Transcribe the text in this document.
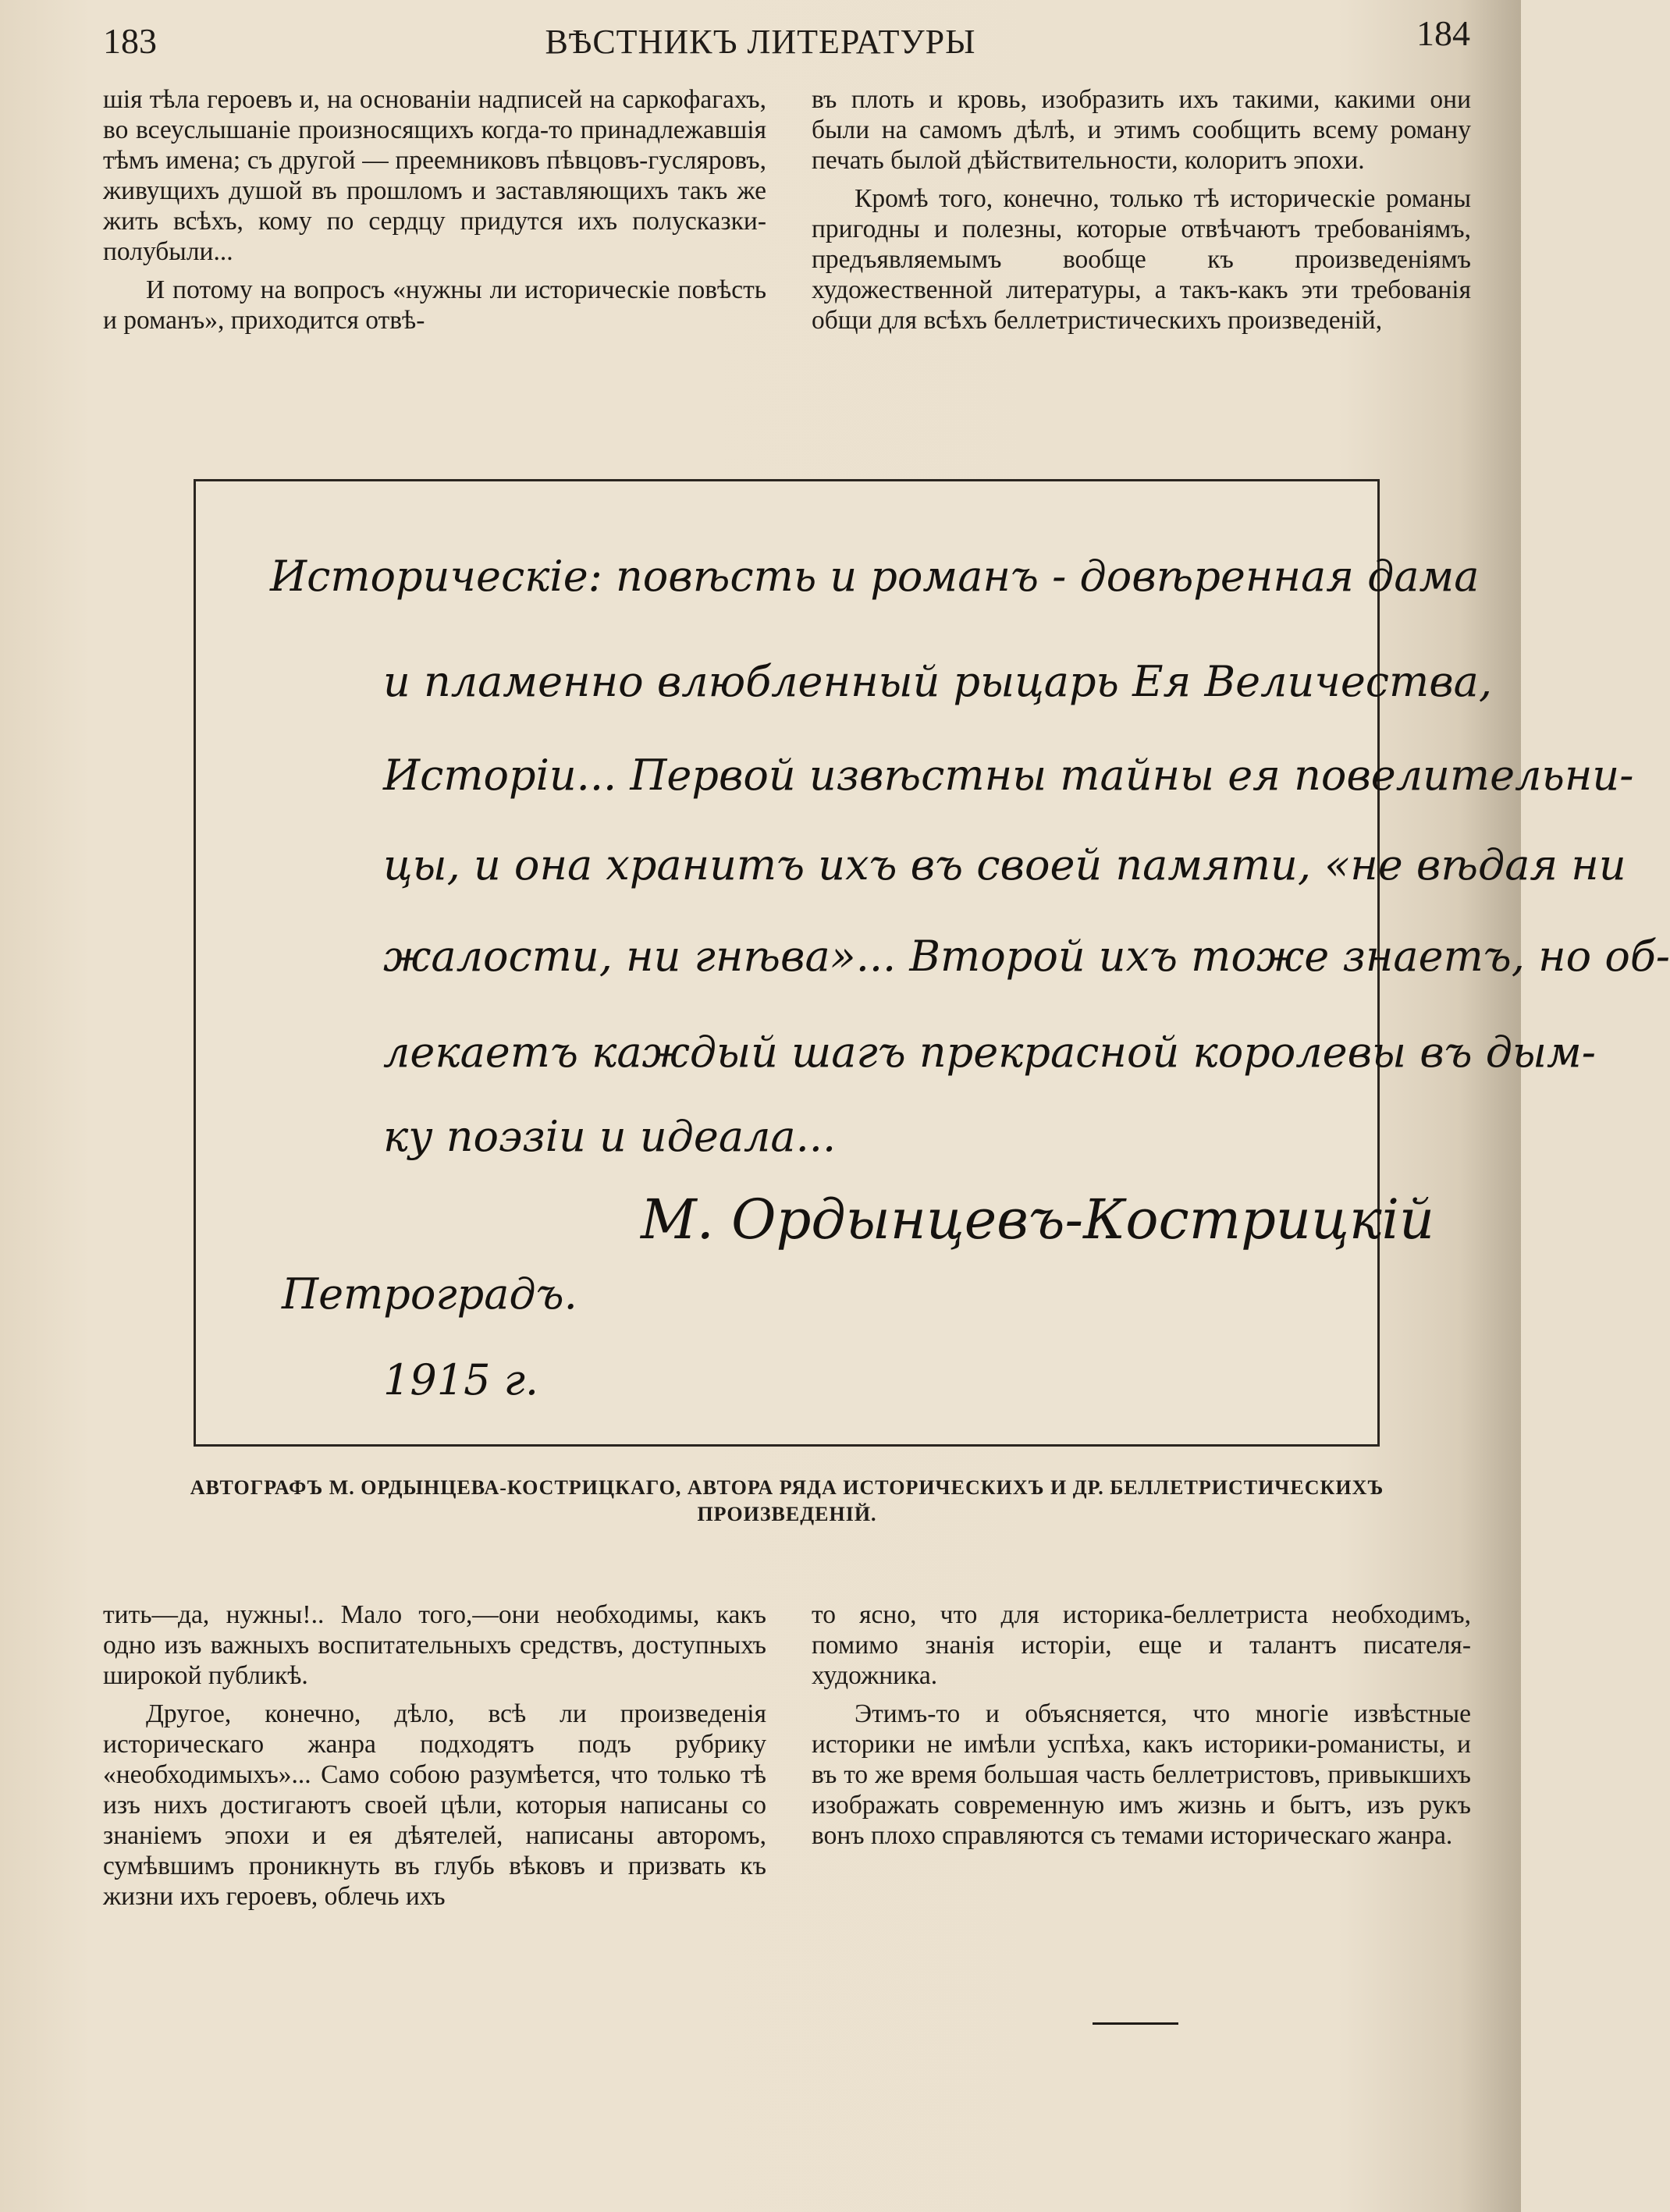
183	ВѢСТНИКЪ ЛИТЕРАТУРЫ	184

шія тѣла героевъ и, на основаніи надписей на саркофагахъ, во всеуслышаніе произносящихъ когда-то принадлежавшія тѣмъ имена; съ другой — преемниковъ пѣвцовъ-гусляровъ, живущихъ душой въ прошломъ и заставляющихъ такъ же жить всѣхъ, кому по сердцу придутся ихъ полусказки-полубыли...

И потому на вопросъ «нужны ли историческіе повѣсть и романъ», приходится отвѣ-

въ плоть и кровь, изобразить ихъ такими, какими они были на самомъ дѣлѣ, и этимъ сообщить всему роману печать былой дѣйствительности, колоритъ эпохи.

Кромѣ того, конечно, только тѣ историческіе романы пригодны и полезны, которые отвѣчаютъ требованіямъ, предъявляемымъ вообще къ произведеніямъ художественной литературы, а такъ-какъ эти требованія общи для всѣхъ беллетристическихъ произведеній,

Историческіе: повѣсть и романъ - довѣренная дама
и пламенно влюбленный рыцарь Ея Величества,
Исторіи... Первой извѣстны тайны ея повелительни-
цы, и она хранитъ ихъ въ своей памяти, «не вѣдая ни
жалости, ни гнѣва»... Второй ихъ тоже знаетъ, но об-
лекаетъ каждый шагъ прекрасной королевы въ дым-
ку поэзіи и идеала...
М. Ордынцевъ-Кострицкій
Петроградъ.
1915 г.
АВТОГРАФЪ М. ОРДЫНЦЕВА-КОСТРИЦКАГО, АВТОРА РЯДА ИСТОРИЧЕСКИХЪ И ДР. БЕЛЛЕТРИСТИЧЕСКИХЪ ПРОИЗВЕДЕНІЙ.

тить—да, нужны!.. Мало того,—они необходимы, какъ одно изъ важныхъ воспитательныхъ средствъ, доступныхъ широкой публикѣ.

Другое, конечно, дѣло, всѣ ли произведенія историческаго жанра подходятъ подъ рубрику «необходимыхъ»... Само собою разумѣется, что только тѣ изъ нихъ достигаютъ своей цѣли, которыя написаны со знаніемъ эпохи и ея дѣятелей, написаны авторомъ, сумѣвшимъ проникнуть въ глубь вѣковъ и призвать къ жизни ихъ героевъ, облечь ихъ

то ясно, что для историка-беллетриста необходимъ, помимо знанія исторіи, еще и талантъ писателя-художника.

Этимъ-то и объясняется, что многіе извѣстные историки не имѣли успѣха, какъ историки-романисты, и въ то же время большая часть беллетристовъ, привыкшихъ изображать современную имъ жизнь и бытъ, изъ рукъ вонъ плохо справляются съ темами историческаго жанра.
